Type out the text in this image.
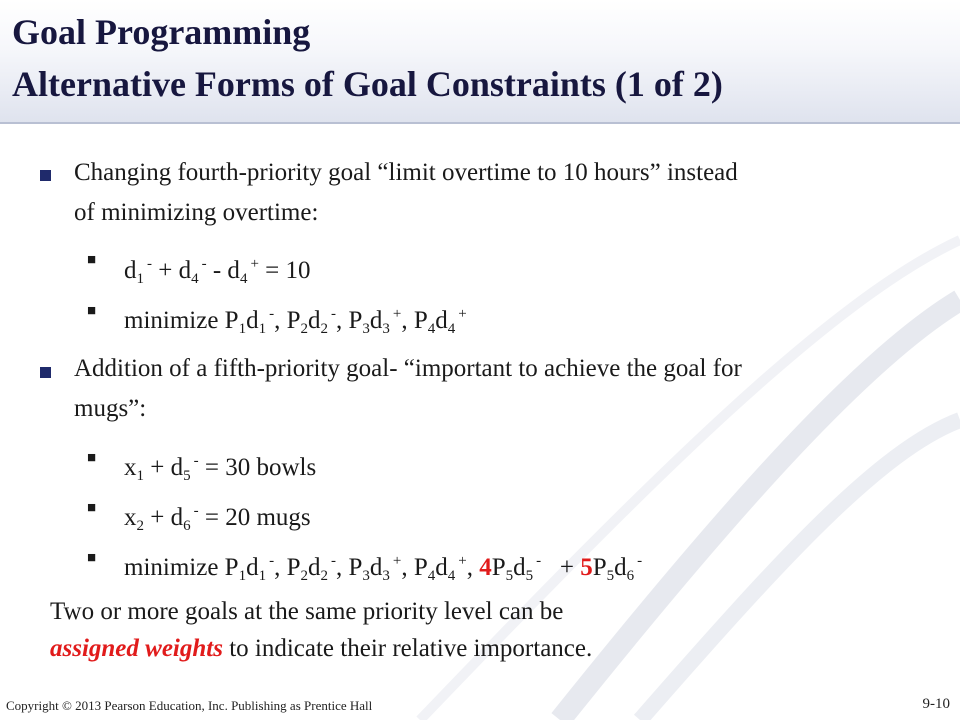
Goal Programming
Alternative Forms of Goal Constraints (1 of 2)
Changing fourth-priority goal “limit overtime to 10 hours” instead
of minimizing overtime:
■ $d_1$ $^- + d_4$ $^- - d_4$ + = 10
■ minimize $P_1d_1$ -, $P_2d_2$ -, $P_3d_3$ +, $P_4d_4$ +
Addition of a fifth-priority goal- “important to achieve the goal for
mugs”:
■ $x_1 + d_5$ - = 30 bowls
■ $x_2 + d_6$ - = 20 mugs
■ minimize $P_1d_1$ -, $P_2d_2$ -, $P_3d_3$ +, $P_4d_4$ +, $4P_5d_5$ -  + $5P_5d_6$ -
Two or more goals at the same priority level can be
assigned weights to indicate their relative importance.
Copyright © 2013 Pearson Education, Inc. Publishing as Prentice Hall	9-10
